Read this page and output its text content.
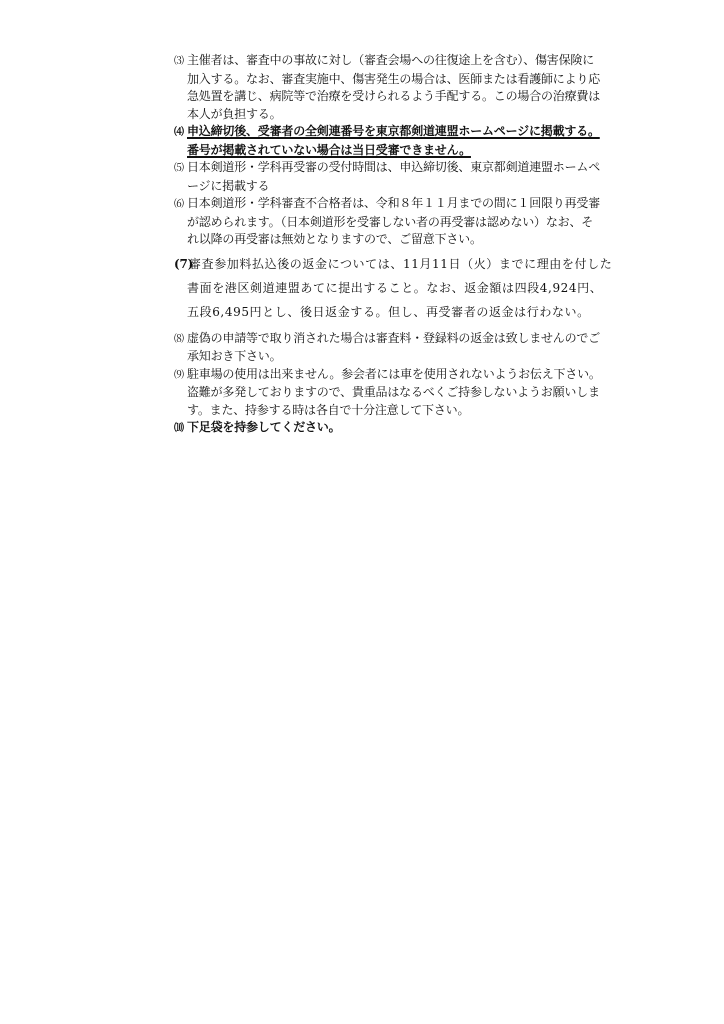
⑶ 主催者は、審査中の事故に対し（審査会場への往復途上を含む）、傷害保険に
加入する。なお、審査実施中、傷害発生の場合は、医師または看護師により応
急処置を講じ、病院等で治療を受けられるよう手配する。この場合の治療費は
本人が負担する。
⑷ 申込締切後、受審者の全剣連番号を東京都剣道連盟ホームページに掲載する。
番号が掲載されていない場合は当日受審できません。
⑸ 日本剣道形・学科再受審の受付時間は、申込締切後、東京都剣道連盟ホームペ
ージに掲載する
⑹ 日本剣道形・学科審査不合格者は、令和８年１１月までの間に１回限り再受審
が認められます。（日本剣道形を受審しない者の再受審は認めない）なお、そ
れ以降の再受審は無効となりますので、ご留意下さい。
(7)審査参加料払込後の返金については、11月11日（火）までに理由を付した
書面を港区剣道連盟あてに提出すること。なお、返金額は四段4,924円、
五段6,495円とし、後日返金する。但し、再受審者の返金は行わない。
⑻ 虚偽の申請等で取り消された場合は審査料・登録料の返金は致しませんのでご
承知おき下さい。
⑼ 駐車場の使用は出来ません。参会者には車を使用されないようお伝え下さい。
盗難が多発しておりますので、貴重品はなるべくご持参しないようお願いしま
す。また、持参する時は各自で十分注意して下さい。
⑽ 下足袋を持参してください。
